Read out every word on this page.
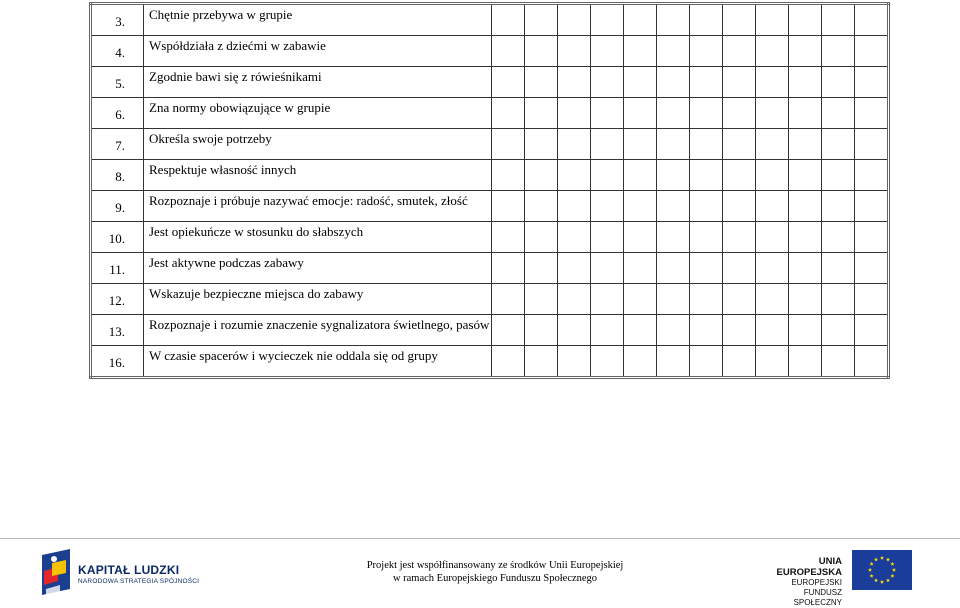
3.	Chętnie przebywa w grupie												
4.	Współdziała z dziećmi w zabawie												
5.	Zgodnie bawi się z rówieśnikami												
6.	Zna normy obowiązujące w grupie												
7.	Określa swoje potrzeby												
8.	Respektuje własność innych												
9.	Rozpoznaje i próbuje nazywać emocje: radość, smutek, złość												
10.	Jest opiekuńcze w stosunku do słabszych												
11.	Jest aktywne podczas zabawy												
12.	Wskazuje bezpieczne miejsca do zabawy												
13.	Rozpoznaje i rozumie znaczenie sygnalizatora świetlnego, pasów												
16.	W czasie spacerów i wycieczek nie oddala się od grupy												
KAPITAŁ LUDZKI
NARODOWA STRATEGIA SPÓJNOŚCI
Projekt jest współfinansowany ze środków Unii Europejskiej
w ramach Europejskiego Funduszu Społecznego
UNIA EUROPEJSKA
EUROPEJSKI
FUNDUSZ SPOŁECZNY
